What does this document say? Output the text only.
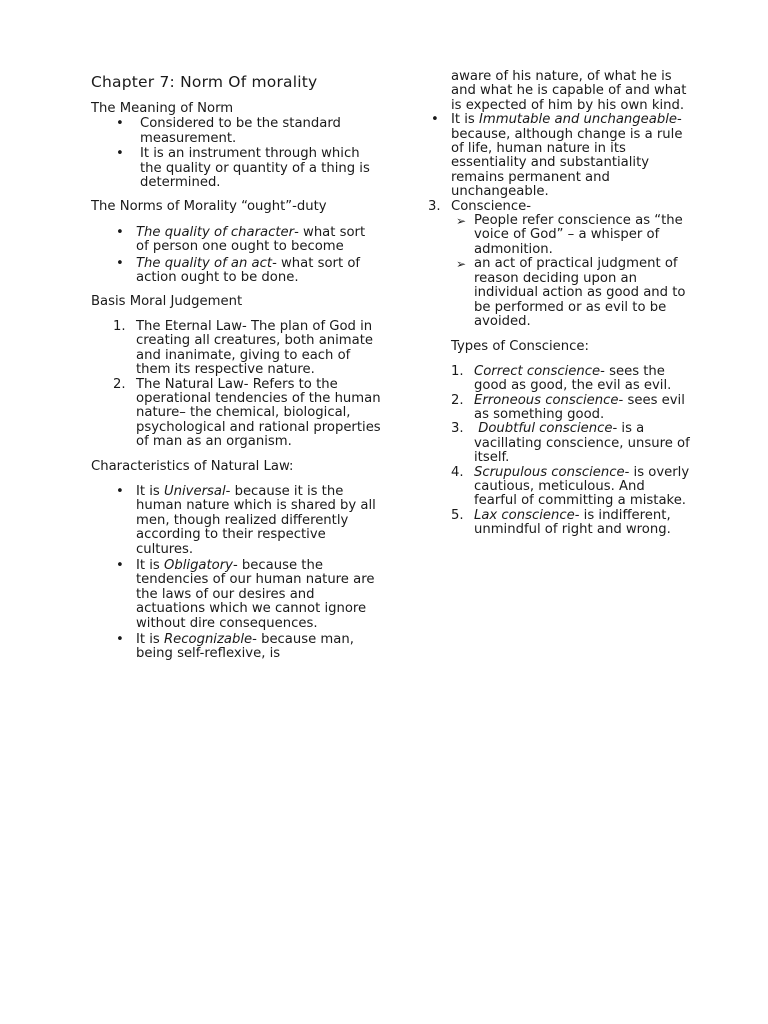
Chapter 7: Norm Of morality

The Meaning of Norm

• Considered to be the standard measurement.
• It is an instrument through which the quality or quantity of a thing is determined.

The Norms of Morality “ought”-duty

• The quality of character- what sort of person one ought to become
• The quality of an act- what sort of action ought to be done.

Basis Moral Judgement

1. The Eternal Law- The plan of God in creating all creatures, both animate and inanimate, giving to each of them its respective nature.
2. The Natural Law- Refers to the operational tendencies of the human nature– the chemical, biological, psychological and rational properties of man as an organism.

Characteristics of Natural Law:

• It is Universal- because it is the human nature which is shared by all men, though realized differently according to their respective cultures.
• It is Obligatory- because the tendencies of our human nature are the laws of our desires and actuations which we cannot ignore without dire consequences.
• It is Recognizable- because man, being self-reflexive, is

aware of his nature, of what he is and what he is capable of and what is expected of him by his own kind.

• It is Immutable and unchangeable- because, although change is a rule of life, human nature in its essentiality and substantiality remains permanent and unchangeable.
3. Conscience-
➢ People refer conscience as “the voice of God” – a whisper of admonition.
➢ an act of practical judgment of reason deciding upon an individual action as good and to be performed or as evil to be avoided.

Types of Conscience:

1. Correct conscience- sees the good as good, the evil as evil.
2. Erroneous conscience- sees evil as something good.
3. Doubtful conscience- is a vacillating conscience, unsure of itself.
4. Scrupulous conscience- is overly cautious, meticulous. And fearful of committing a mistake.
5. Lax conscience- is indifferent, unmindful of right and wrong.
